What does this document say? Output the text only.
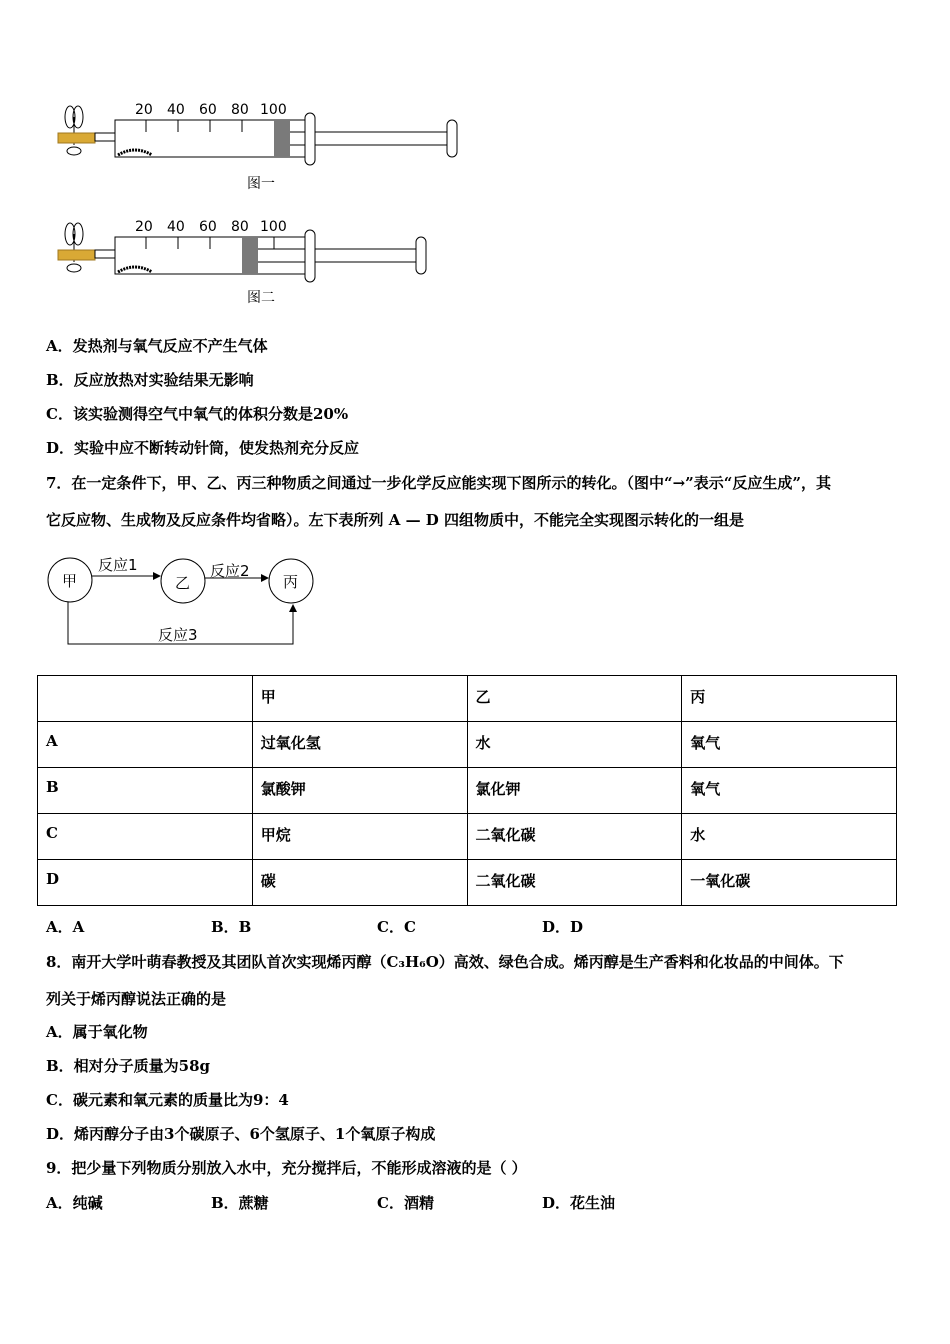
20 40 60 80 100
图一
20 40 60 80 100
图二
A．发热剂与氧气反应不产生气体
B．反应放热对实验结果无影响
C．该实验测得空气中氧气的体积分数是20%
D．实验中应不断转动针筒，使发热剂充分反应
7．在一定条件下，甲、乙、丙三种物质之间通过一步化学反应能实现下图所示的转化。（图中“→”表示“反应生成”，其
它反应物、生成物及反应条件均省略）。左下表所列 A — D 四组物质中，不能完全实现图示转化的一组是
甲	乙	丙
反应1	反应2
反应3
	甲	乙	丙
A	过氧化氢	水	氧气
B	氯酸钾	氯化钾	氧气
C	甲烷	二氧化碳	水
D	碳	二氧化碳	一氧化碳
A．A	B．B	C．C	D．D
8．南开大学叶萌春教授及其团队首次实现烯丙醇（C₃H₆O）高效、绿色合成。烯丙醇是生产香料和化妆品的中间体。下
列关于烯丙醇说法正确的是
A．属于氧化物
B．相对分子质量为58g
C．碳元素和氧元素的质量比为9：4
D．烯丙醇分子由3个碳原子、6个氢原子、1个氧原子构成
9．把少量下列物质分别放入水中，充分搅拌后，不能形成溶液的是（ ）
A．纯碱	B．蔗糖	C．酒精	D．花生油
